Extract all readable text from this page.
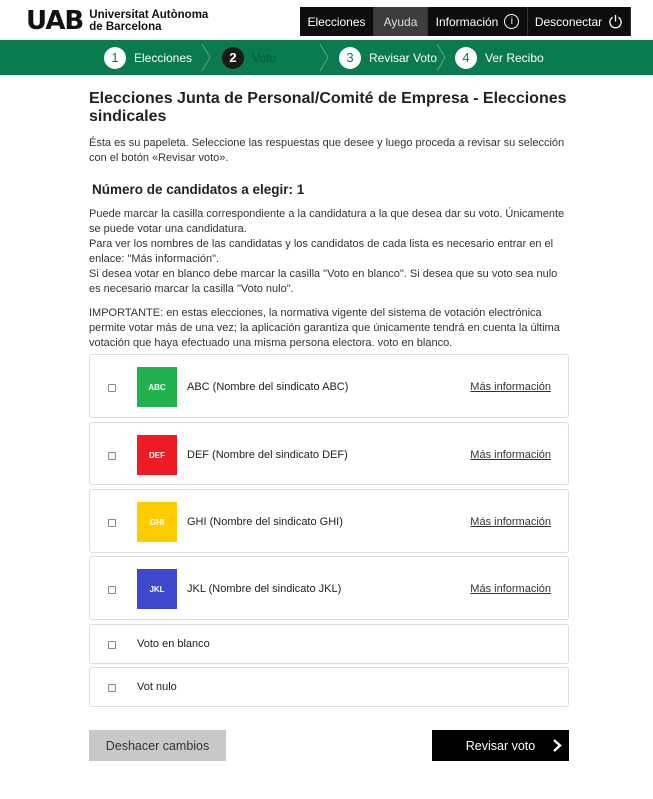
UAB Universitat Autònoma
de Barcelona	Elecciones Ayuda Información	i	Desconectar
1	Elecciones	2	Voto	3	Revisar Voto	4	Ver Recibo
Elecciones Junta de Personal/Comité de Empresa - Elecciones sindicales

Ésta es su papeleta. Seleccione las respuestas que desee y luego proceda a revisar su selección con el botón «Revisar voto».

Número de candidatos a elegir: 1

Puede marcar la casilla correspondiente a la candidatura a la que desea dar su voto. Únicamente se puede votar una candidatura.

Para ver los nombres de las candidatas y los candidatos de cada lista es necesario entrar en el enlace: "Más información".

Si desea votar en blanco debe marcar la casilla "Voto en blanco". Si desea que su voto sea nulo es necesario marcar la casilla "Voto nulo".

IMPORTANTE: en estas elecciones, la normativa vigente del sistema de votación electrónica permite votar más de una vez; la aplicación garantiza que únicamente tendrá en cuenta la última votación que haya efectuado una misma persona electora. voto en blanco.

ABC	ABC (Nombre del sindicato ABC)	Más información
DEF	DEF (Nombre del sindicato DEF)	Más información
GHI	GHI (Nombre del sindicato GHI)	Más información
JKL	JKL (Nombre del sindicato JKL)	Más información
Voto en blanco
Vot nulo
Deshacer cambios	Revisar voto
